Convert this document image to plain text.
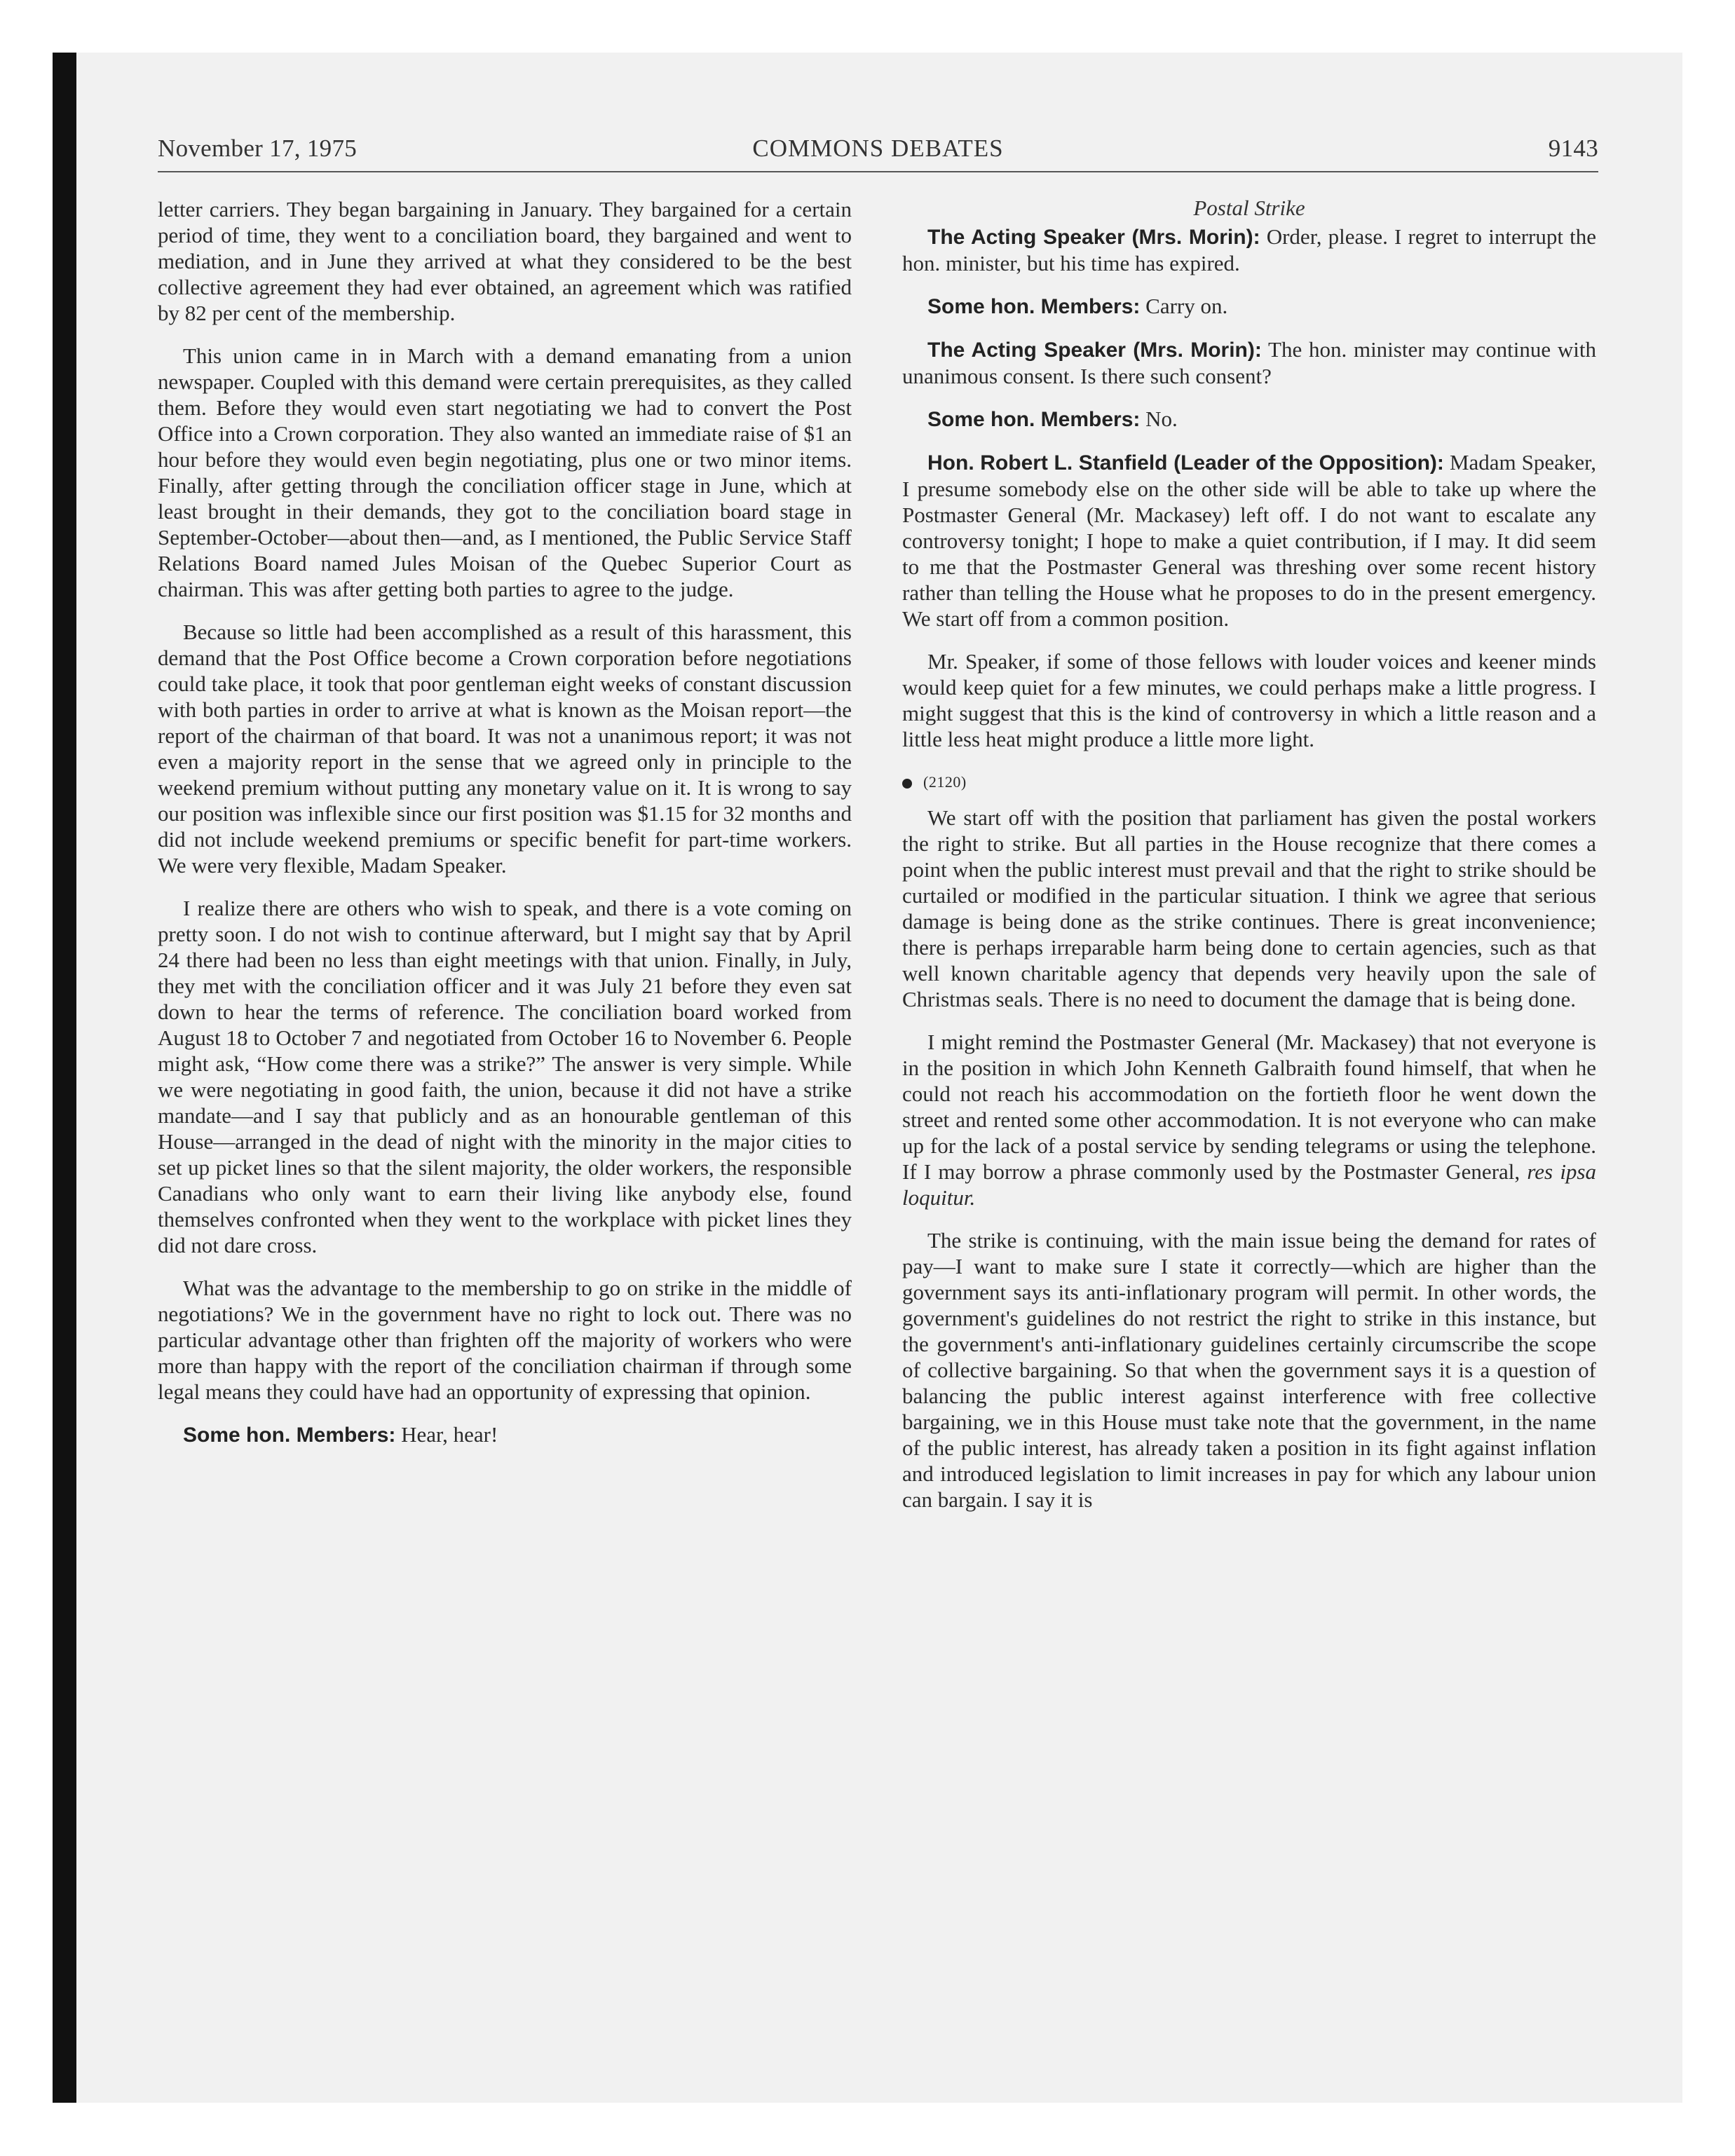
November 17, 1975	COMMONS DEBATES	9143

letter carriers. They began bargaining in January. They bargained for a certain period of time, they went to a conciliation board, they bargained and went to mediation, and in June they arrived at what they considered to be the best collective agreement they had ever obtained, an agreement which was ratified by 82 per cent of the membership.

This union came in in March with a demand emanating from a union newspaper. Coupled with this demand were certain prerequisites, as they called them. Before they would even start negotiating we had to convert the Post Office into a Crown corporation. They also wanted an immediate raise of $1 an hour before they would even begin negotiating, plus one or two minor items. Finally, after getting through the conciliation officer stage in June, which at least brought in their demands, they got to the conciliation board stage in September-October—about then—and, as I mentioned, the Public Service Staff Relations Board named Jules Moisan of the Quebec Superior Court as chairman. This was after getting both parties to agree to the judge.

Because so little had been accomplished as a result of this harassment, this demand that the Post Office become a Crown corporation before negotiations could take place, it took that poor gentleman eight weeks of constant discussion with both parties in order to arrive at what is known as the Moisan report—the report of the chairman of that board. It was not a unanimous report; it was not even a majority report in the sense that we agreed only in principle to the weekend premium without putting any monetary value on it. It is wrong to say our position was inflexible since our first position was $1.15 for 32 months and did not include weekend premiums or specific benefit for part-time workers. We were very flexible, Madam Speaker.

I realize there are others who wish to speak, and there is a vote coming on pretty soon. I do not wish to continue afterward, but I might say that by April 24 there had been no less than eight meetings with that union. Finally, in July, they met with the conciliation officer and it was July 21 before they even sat down to hear the terms of reference. The conciliation board worked from August 18 to October 7 and negotiated from October 16 to November 6. People might ask, “How come there was a strike?” The answer is very simple. While we were negotiating in good faith, the union, because it did not have a strike mandate—and I say that publicly and as an honourable gentleman of this House—arranged in the dead of night with the minority in the major cities to set up picket lines so that the silent majority, the older workers, the responsible Canadians who only want to earn their living like anybody else, found themselves confronted when they went to the workplace with picket lines they did not dare cross.

What was the advantage to the membership to go on strike in the middle of negotiations? We in the government have no right to lock out. There was no particular advantage other than frighten off the majority of workers who were more than happy with the report of the conciliation chairman if through some legal means they could have had an opportunity of expressing that opinion.

Some hon. Members: Hear, hear!

Postal Strike

The Acting Speaker (Mrs. Morin): Order, please. I regret to interrupt the hon. minister, but his time has expired.

Some hon. Members: Carry on.

The Acting Speaker (Mrs. Morin): The hon. minister may continue with unanimous consent. Is there such consent?

Some hon. Members: No.

Hon. Robert L. Stanfield (Leader of the Opposition): Madam Speaker, I presume somebody else on the other side will be able to take up where the Postmaster General (Mr. Mackasey) left off. I do not want to escalate any controversy tonight; I hope to make a quiet contribution, if I may. It did seem to me that the Postmaster General was threshing over some recent history rather than telling the House what he proposes to do in the present emergency. We start off from a common position.

Mr. Speaker, if some of those fellows with louder voices and keener minds would keep quiet for a few minutes, we could perhaps make a little progress. I might suggest that this is the kind of controversy in which a little reason and a little less heat might produce a little more light.

(2120)

We start off with the position that parliament has given the postal workers the right to strike. But all parties in the House recognize that there comes a point when the public interest must prevail and that the right to strike should be curtailed or modified in the particular situation. I think we agree that serious damage is being done as the strike continues. There is great inconvenience; there is perhaps irreparable harm being done to certain agencies, such as that well known charitable agency that depends very heavily upon the sale of Christmas seals. There is no need to document the damage that is being done.

I might remind the Postmaster General (Mr. Mackasey) that not everyone is in the position in which John Kenneth Galbraith found himself, that when he could not reach his accommodation on the fortieth floor he went down the street and rented some other accommodation. It is not everyone who can make up for the lack of a postal service by sending telegrams or using the telephone. If I may borrow a phrase commonly used by the Postmaster General, res ipsa loquitur.

The strike is continuing, with the main issue being the demand for rates of pay—I want to make sure I state it correctly—which are higher than the government says its anti-inflationary program will permit. In other words, the government's guidelines do not restrict the right to strike in this instance, but the government's anti-inflationary guidelines certainly circumscribe the scope of collective bargaining. So that when the government says it is a question of balancing the public interest against interference with free collective bargaining, we in this House must take note that the government, in the name of the public interest, has already taken a position in its fight against inflation and introduced legislation to limit increases in pay for which any labour union can bargain. I say it is
